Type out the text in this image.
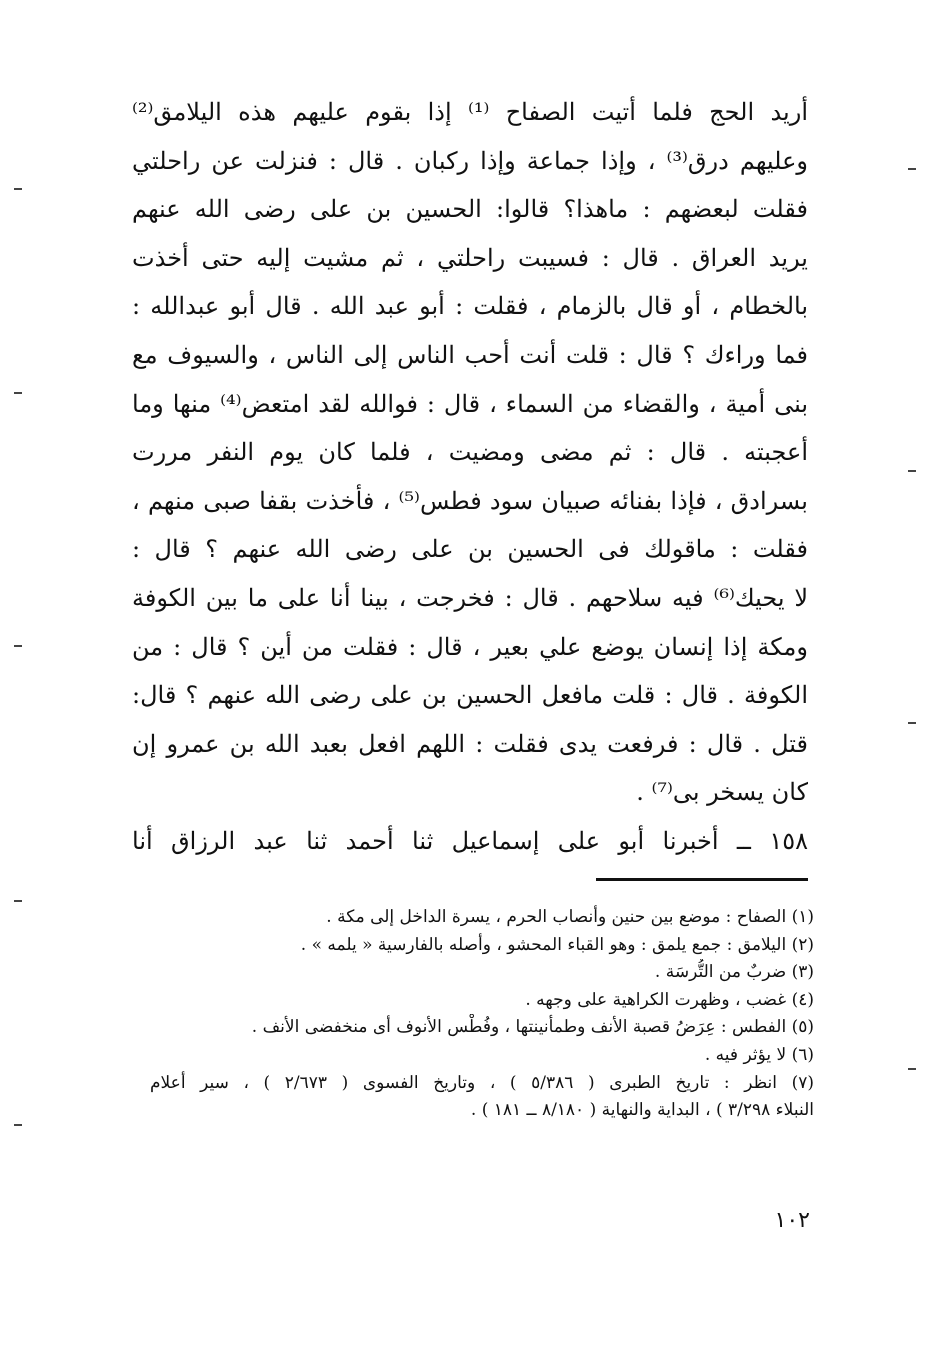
أريد الحج فلما أتيت الصفاح ⁽¹⁾ إذا بقوم عليهم هذه اليلامق⁽²⁾
وعليهم درق⁽³⁾ ، وإذا جماعة وإذا ركبان . قال : فنزلت عن راحلتي
فقلت لبعضهم : ماهذا؟ قالوا: الحسين بن على رضى الله عنهم
يريد العراق . قال : فسيبت راحلتي ، ثم مشيت إليه حتى أخذت
بالخطام ، أو قال بالزمام ، فقلت : أبو عبد الله . قال أبو عبدالله :
فما وراءك ؟ قال : قلت أنت أحب الناس إلى الناس ، والسيوف مع
بنى أمية ، والقضاء من السماء ، قال : فوالله لقد امتعض⁽⁴⁾ منها وما
أعجبته . قال : ثم مضى ومضيت ، فلما كان يوم النفر مررت
بسرادق ، فإذا بفنائه صبيان سود فطس⁽⁵⁾ ، فأخذت بقفا صبى منهم ،
فقلت : ماقولك فى الحسين بن على رضى الله عنهم ؟ قال :
لا يحيك⁽⁶⁾ فيه سلاحهم . قال : فخرجت ، بينا أنا على ما بين الكوفة
ومكة إذا إنسان يوضع علي بعير ، قال : فقلت من أين ؟ قال : من
الكوفة . قال : قلت مافعل الحسين بن على رضى الله عنهم ؟ قال:
قتل . قال : فرفعت يدى فقلت : اللهم افعل بعبد الله بن عمرو إن
كان يسخر بى⁽⁷⁾ .
١٥٨ ــ أخبرنا أبو على إسماعيل ثنا أحمد ثنا عبد الرزاق أنا
(١) الصفاح : موضع بين حنين وأنصاب الحرم ، يسرة الداخل إلى مكة .
(٢) اليلامق : جمع يلمق : وهو القباء المحشو ، وأصله بالفارسية « يلمه » .
(٣) ضربٌ من التُّرسَة .
(٤) غضب ، وظهرت الكراهية على وجهه .
(٥) الفطس : عِرَضُ قصبة الأنف وطمأنينتها ، وفُطْس الأنوف أى منخفضى الأنف .
(٦) لا يؤثر فيه .
(٧) انظر : تاريخ الطبرى ( ٥/٣٨٦ ) ، وتاريخ الفسوى ( ٢/٦٧٣ ) ، سير أعلام
النبلاء ٣/٢٩٨ ) ، البداية والنهاية ( ٨/١٨٠ ــ ١٨١ ) .
١٠٢
